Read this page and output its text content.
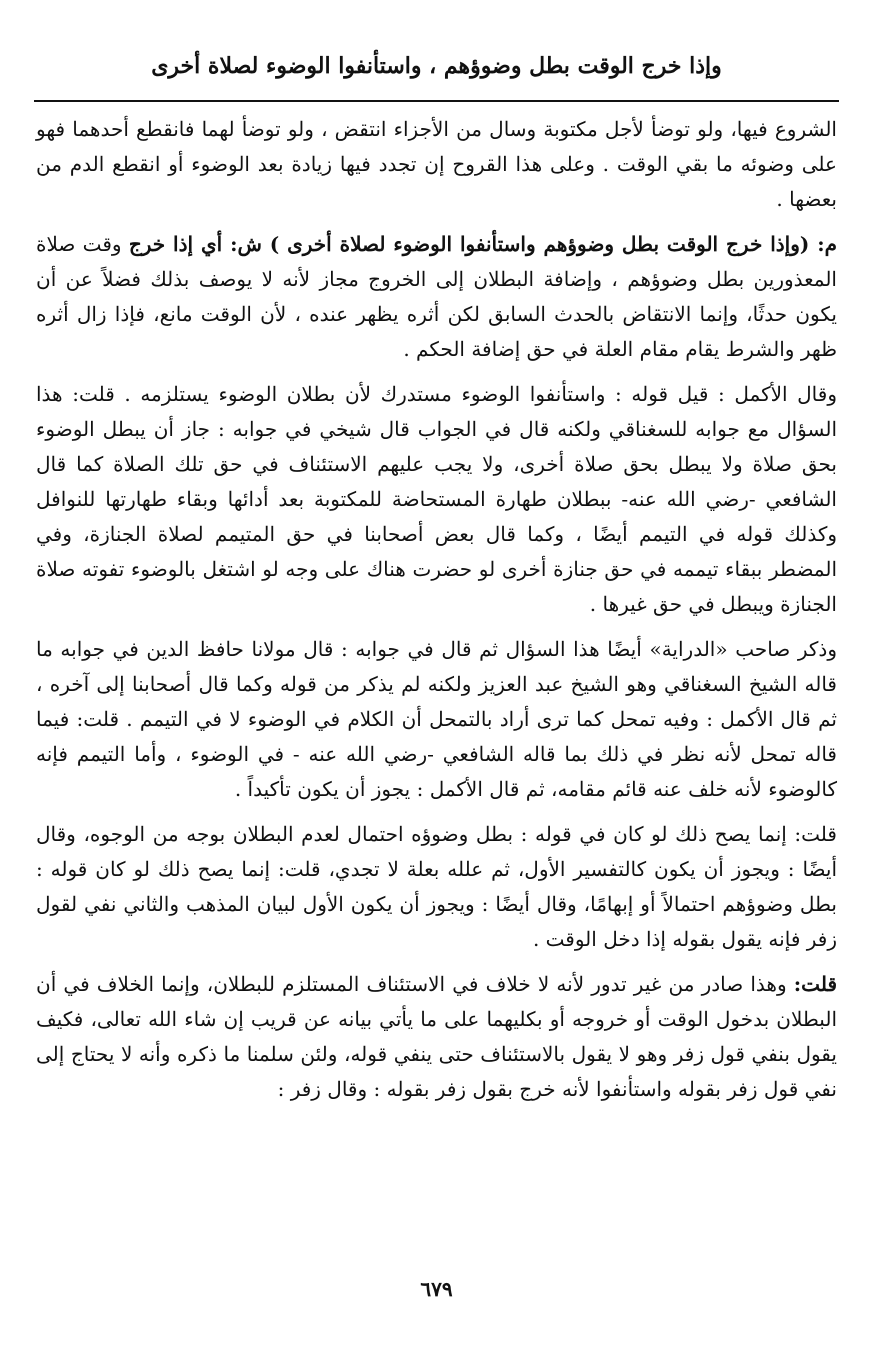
وإذا خرج الوقت بطل وضوؤهم ، واستأنفوا الوضوء لصلاة أخرى

الشروع فيها، ولو توضأ لأجل مكتوبة وسال من الأجزاء انتقض ، ولو توضأ لهما فانقطع أحدهما فهو على وضوئه ما بقي الوقت . وعلى هذا القروح إن تجدد فيها زيادة بعد الوضوء أو انقطع الدم من بعضها .

م: (وإذا خرج الوقت بطل وضوؤهم واستأنفوا الوضوء لصلاة أخرى ) ش: أي إذا خرج وقت صلاة المعذورين بطل وضوؤهم ، وإضافة البطلان إلى الخروج مجاز لأنه لا يوصف بذلك فضلاً عن أن يكون حدثًا، وإنما الانتقاض بالحدث السابق لكن أثره يظهر عنده ، لأن الوقت مانع، فإذا زال أثره ظهر والشرط يقام مقام العلة في حق إضافة الحكم .

وقال الأكمل : قيل قوله : واستأنفوا الوضوء مستدرك لأن بطلان الوضوء يستلزمه . قلت: هذا السؤال مع جوابه للسغناقي ولكنه قال في الجواب قال شيخي في جوابه : جاز أن يبطل الوضوء بحق صلاة ولا يبطل بحق صلاة أخرى، ولا يجب عليهم الاستئناف في حق تلك الصلاة كما قال الشافعي -رضي الله عنه- ببطلان طهارة المستحاضة للمكتوبة بعد أدائها وبقاء طهارتها للنوافل وكذلك قوله في التيمم أيضًا ، وكما قال بعض أصحابنا في حق المتيمم لصلاة الجنازة، وفي المضطر ببقاء تيممه في حق جنازة أخرى لو حضرت هناك على وجه لو اشتغل بالوضوء تفوته صلاة الجنازة ويبطل في حق غيرها .

وذكر صاحب «الدراية» أيضًا هذا السؤال ثم قال في جوابه : قال مولانا حافظ الدين في جوابه ما قاله الشيخ السغناقي وهو الشيخ عبد العزيز ولكنه لم يذكر من قوله وكما قال أصحابنا إلى آخره ، ثم قال الأكمل : وفيه تمحل كما ترى أراد بالتمحل أن الكلام في الوضوء لا في التيمم . قلت: فيما قاله تمحل لأنه نظر في ذلك بما قاله الشافعي -رضي الله عنه - في الوضوء ، وأما التيمم فإنه كالوضوء لأنه خلف عنه قائم مقامه، ثم قال الأكمل : يجوز أن يكون تأكيداً .

قلت: إنما يصح ذلك لو كان في قوله : بطل وضوؤه احتمال لعدم البطلان بوجه من الوجوه، وقال أيضًا : ويجوز أن يكون كالتفسير الأول، ثم علله بعلة لا تجدي، قلت: إنما يصح ذلك لو كان قوله : بطل وضوؤهم احتمالاً أو إبهامًا، وقال أيضًا : ويجوز أن يكون الأول لبيان المذهب والثاني نفي لقول زفر فإنه يقول بقوله إذا دخل الوقت .

قلت: وهذا صادر من غير تدور لأنه لا خلاف في الاستئناف المستلزم للبطلان، وإنما الخلاف في أن البطلان بدخول الوقت أو خروجه أو بكليهما على ما يأتي بيانه عن قريب إن شاء الله تعالى، فكيف يقول بنفي قول زفر وهو لا يقول بالاستئناف حتى ينفي قوله، ولئن سلمنا ما ذكره وأنه لا يحتاج إلى نفي قول زفر بقوله واستأنفوا لأنه خرج بقول زفر بقوله : وقال زفر :

٦٧٩
